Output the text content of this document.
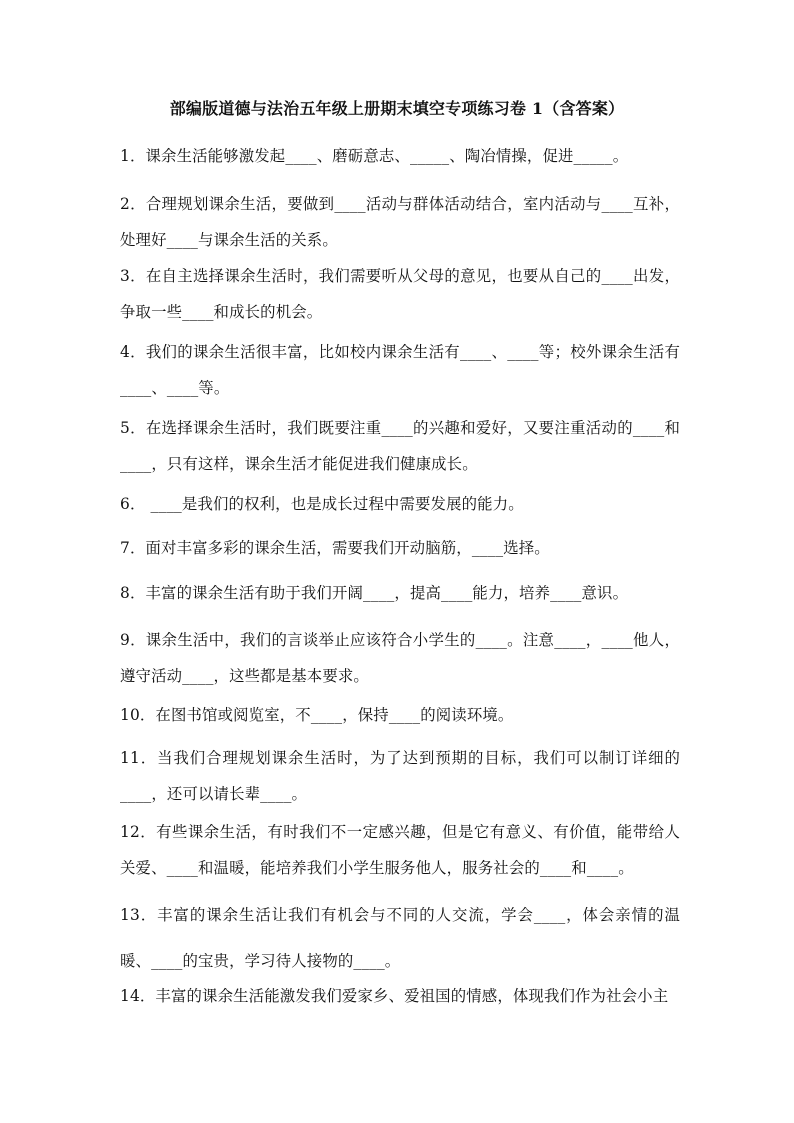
部编版道德与法治五年级上册期末填空专项练习卷 1（含答案）

1．课余生活能够激发起____、磨砺意志、_____、陶冶情操，促进_____。

2．合理规划课余生活，要做到____活动与群体活动结合，室内活动与____互补，处理好____与课余生活的关系。

3．在自主选择课余生活时，我们需要听从父母的意见，也要从自己的____出发，争取一些____和成长的机会。

4．我们的课余生活很丰富，比如校内课余生活有____、____等；校外课余生活有____、____等。

5．在选择课余生活时，我们既要注重____的兴趣和爱好，又要注重活动的____和____，只有这样，课余生活才能促进我们健康成长。

6． ____是我们的权利，也是成长过程中需要发展的能力。

7．面对丰富多彩的课余生活，需要我们开动脑筋，____选择。

8．丰富的课余生活有助于我们开阔____，提高____能力，培养____意识。

9．课余生活中，我们的言谈举止应该符合小学生的____。注意____，____他人，遵守活动____，这些都是基本要求。

10．在图书馆或阅览室，不____，保持____的阅读环境。

11．当我们合理规划课余生活时，为了达到预期的目标，我们可以制订详细的____，还可以请长辈____。

12．有些课余生活，有时我们不一定感兴趣，但是它有意义、有价值，能带给人关爱、____和温暖，能培养我们小学生服务他人，服务社会的____和____。

13．丰富的课余生活让我们有机会与不同的人交流，学会____，体会亲情的温暖、____的宝贵，学习待人接物的____。

14．丰富的课余生活能激发我们爱家乡、爱祖国的情感，体现我们作为社会小主
